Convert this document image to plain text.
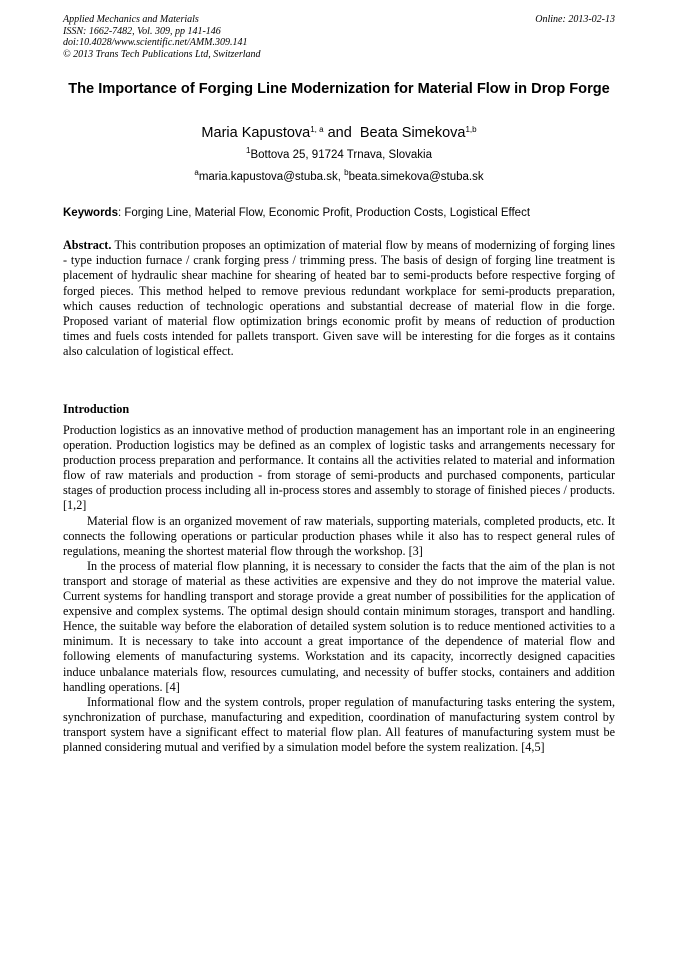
Applied Mechanics and Materials
ISSN: 1662-7482, Vol. 309, pp 141-146
doi:10.4028/www.scientific.net/AMM.309.141
© 2013 Trans Tech Publications Ltd, Switzerland
Online: 2013-02-13
The Importance of Forging Line Modernization for Material Flow in Drop Forge
Maria Kapustova$^{1, a}$ and  Beata Simekova$^{1,b}$
$^1$Bottova 25, 91724 Trnava, Slovakia
$^a$maria.kapustova@stuba.sk, $^b$beata.simekova@stuba.sk
Keywords: Forging Line, Material Flow, Economic Profit, Production Costs, Logistical Effect

Abstract. This contribution proposes an optimization of material flow by means of modernizing of forging lines - type induction furnace / crank forging press / trimming press. The basis of design of forging line treatment is placement of hydraulic shear machine for shearing of heated bar to semi-products before respective forging of forged pieces. This method helped to remove previous redundant workplace for semi-products preparation, which causes reduction of technologic operations and substantial decrease of material flow in die forge. Proposed variant of material flow optimization brings economic profit by means of reduction of production times and fuels costs intended for pallets transport. Given save will be interesting for die forges as it contains also calculation of logistical effect.

Introduction

Production logistics as an innovative method of production management has an important role in an engineering operation. Production logistics may be defined as an complex of logistic tasks and arrangements necessary for production process preparation and performance. It contains all the activities related to material and information flow of raw materials and production - from storage of semi-products and purchased components, particular stages of production process including all in-process stores and assembly to storage of finished pieces / products. [1,2]

Material flow is an organized movement of raw materials, supporting materials, completed products, etc. It connects the following operations or particular production phases while it also has to respect general rules of regulations, meaning the shortest material flow through the workshop. [3]

In the process of material flow planning, it is necessary to consider the facts that the aim of the plan is not transport and storage of material as these activities are expensive and they do not improve the material value. Current systems for handling transport and storage provide a great number of possibilities for the application of expensive and complex systems. The optimal design should contain minimum storages, transport and handling. Hence, the suitable way before the elaboration of detailed system solution is to reduce mentioned activities to a minimum. It is necessary to take into account a great importance of the dependence of material flow and following elements of manufacturing systems. Workstation and its capacity, incorrectly designed capacities induce unbalance materials flow, resources cumulating, and necessity of buffer stocks, containers and addition handling operations. [4]

Informational flow and the system controls, proper regulation of manufacturing tasks entering the system, synchronization of purchase, manufacturing and expedition, coordination of manufacturing system control by transport system have a significant effect to material flow plan. All features of manufacturing system must be planned considering mutual and verified by a simulation model before the system realization. [4,5]
